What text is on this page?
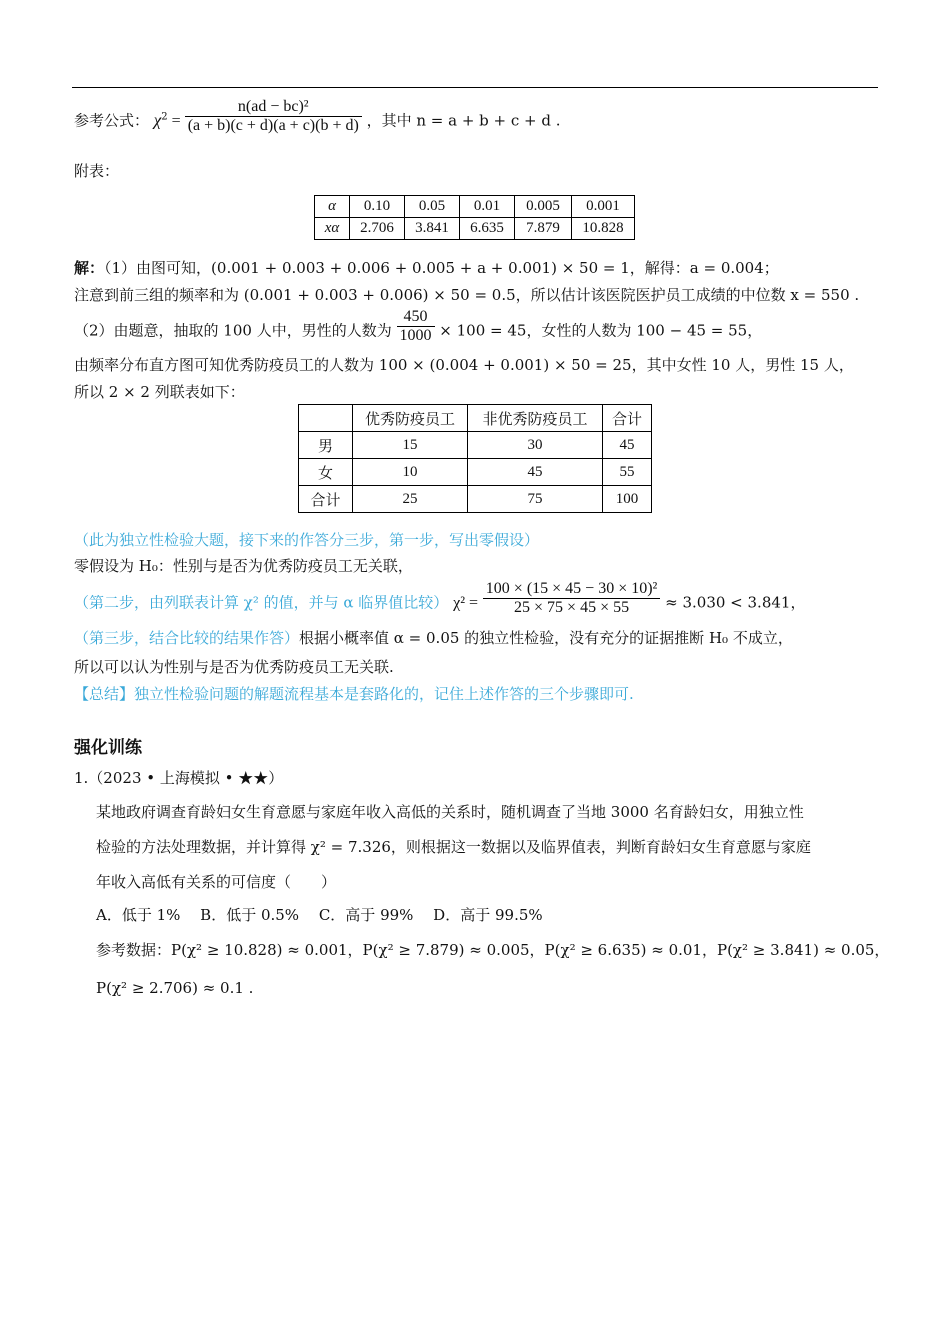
高中数学核心方法
参考公式： $\chi^2 = \frac{\text{n(ad − bc)²}}{(a + b)(c + d)(a + c)(b + d)}$ ，其中 n = a + b + c + d .
附表：
α	0.10	0.05	0.01	0.005	0.001
xα	2.706	3.841	6.635	7.879	10.828
解：（1）由图可知，(0.001 + 0.003 + 0.006 + 0.005 + a + 0.001) × 50 = 1，解得：a = 0.004；
注意到前三组的频率和为 (0.001 + 0.003 + 0.006) × 50 = 0.5，所以估计该医院医护员工成绩的中位数 x = 550 .
（2）由题意，抽取的 100 人中，男性的人数为 $\frac{450}{1000} \times 100 = 45$，女性的人数为 100 − 45 = 55，
由频率分布直方图可知优秀防疫员工的人数为 100 × (0.004 + 0.001) × 50 = 25，其中女性 10 人，男性 15 人，
所以 2 × 2 列联表如下：
	优秀防疫员工	非优秀防疫员工	合计
男	15	30	45
女	10	45	55
合计	25	75	100
（此为独立性检验大题，接下来的作答分三步，第一步，写出零假设）
零假设为 H₀：性别与是否为优秀防疫员工无关联，
（第二步，由列联表计算 χ² 的值，并与 α 临界值比较） $\chi^2 = \frac{\text{100 × (15 × 45 − 30 × 10)²}}{25 \times 75 \times 45 \times 55} \approx 3.030 < 3.841$，
（第三步，结合比较的结果作答）根据小概率值 α = 0.05 的独立性检验，没有充分的证据推断 H₀ 不成立，
所以可以认为性别与是否为优秀防疫员工无关联.
【总结】独立性检验问题的解题流程基本是套路化的，记住上述作答的三个步骤即可.
强化训练
1.（2023 • 上海模拟 • ★★）
某地政府调查育龄妇女生育意愿与家庭年收入高低的关系时，随机调查了当地 3000 名育龄妇女，用独立性
检验的方法处理数据，并计算得 χ² = 7.326，则根据这一数据以及临界值表，判断育龄妇女生育意愿与家庭
年收入高低有关系的可信度（　　）
A．低于 1%　 B．低于 0.5%　 C．高于 99%　 D．高于 99.5%
参考数据：P(χ² ≥ 10.828) ≈ 0.001，P(χ² ≥ 7.879) ≈ 0.005，P(χ² ≥ 6.635) ≈ 0.01，P(χ² ≥ 3.841) ≈ 0.05，
P(χ² ≥ 2.706) ≈ 0.1 .
